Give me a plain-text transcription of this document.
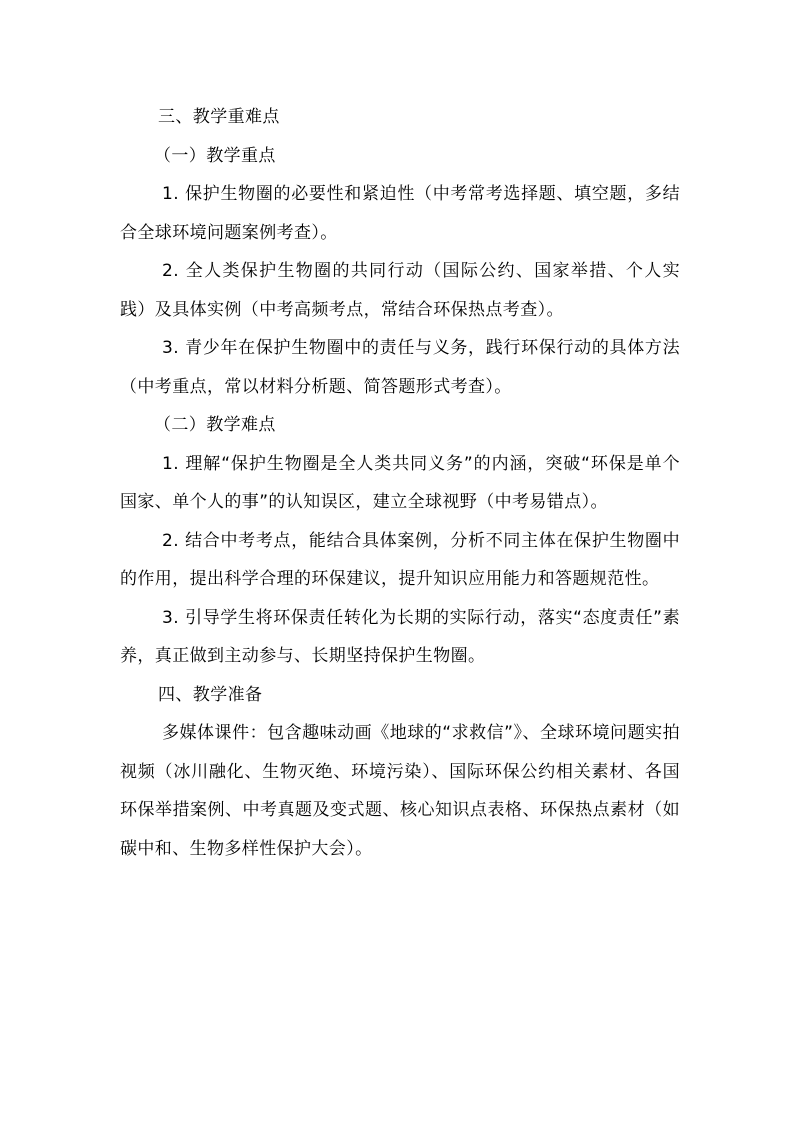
三、教学重难点

（一）教学重点

1. 保护生物圈的必要性和紧迫性（中考常考选择题、填空题，多结合全球环境问题案例考查）。

2. 全人类保护生物圈的共同行动（国际公约、国家举措、个人实践）及具体实例（中考高频考点，常结合环保热点考查）。

3. 青少年在保护生物圈中的责任与义务，践行环保行动的具体方法（中考重点，常以材料分析题、简答题形式考查）。

（二）教学难点

1. 理解“保护生物圈是全人类共同义务”的内涵，突破“环保是单个国家、单个人的事”的认知误区，建立全球视野（中考易错点）。

2. 结合中考考点，能结合具体案例，分析不同主体在保护生物圈中的作用，提出科学合理的环保建议，提升知识应用能力和答题规范性。

3. 引导学生将环保责任转化为长期的实际行动，落实“态度责任”素养，真正做到主动参与、长期坚持保护生物圈。

四、教学准备

多媒体课件：包含趣味动画《地球的“求救信”》、全球环境问题实拍视频（冰川融化、生物灭绝、环境污染）、国际环保公约相关素材、各国环保举措案例、中考真题及变式题、核心知识点表格、环保热点素材（如碳中和、生物多样性保护大会）。
